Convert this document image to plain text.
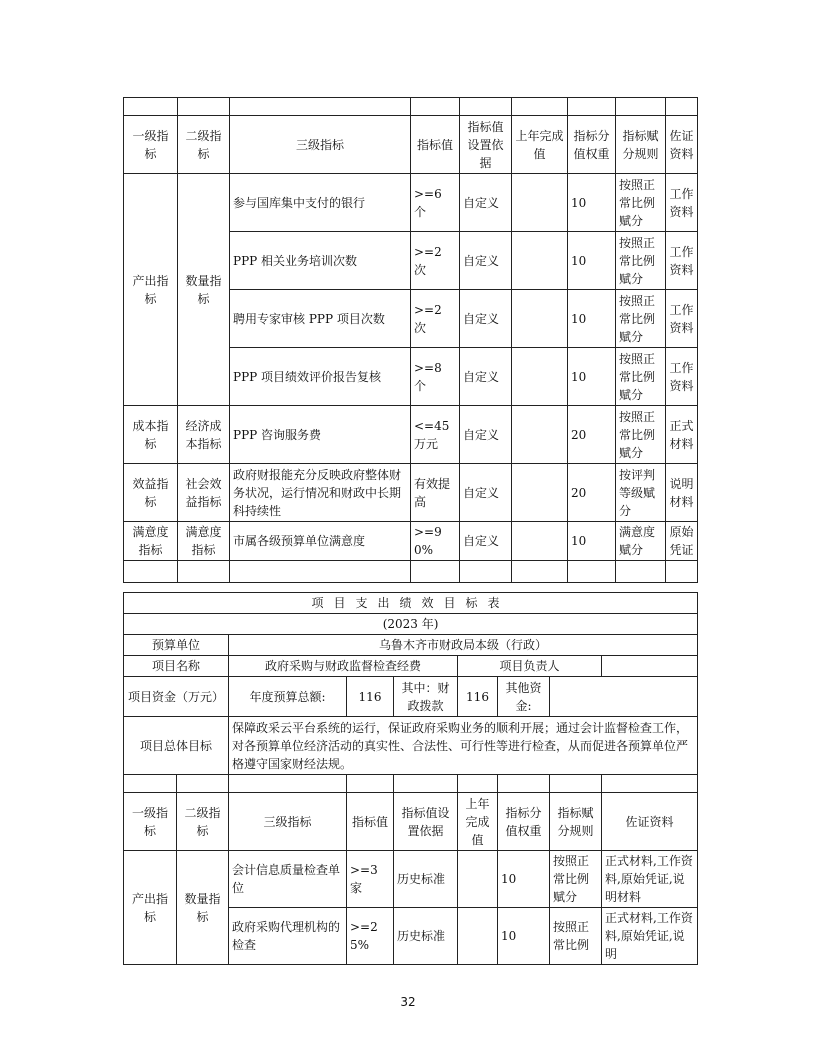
一级指标	二级指标	三级指标	指标值	指标值设置依据	上年完成值	指标分值权重	指标赋分规则	佐证资料
产出指标	数量指标	参与国库集中支付的银行	>=6 个	自定义		10	按照正常比例赋分	工作资料
		PPP 相关业务培训次数	>=2 次	自定义		10	按照正常比例赋分	工作资料
		聘用专家审核 PPP 项目次数	>=2 次	自定义		10	按照正常比例赋分	工作资料
		PPP 项目绩效评价报告复核	>=8 个	自定义		10	按照正常比例赋分	工作资料
成本指标	经济成本指标	PPP 咨询服务费	<=45 万元	自定义		20	按照正常比例赋分	正式材料
效益指标	社会效益指标	政府财报能充分反映政府整体财务状况，运行情况和财政中长期科持续性	有效提高	自定义		20	按评判等级赋分	说明材料
满意度指标	满意度指标	市属各级预算单位满意度	>=90%	自定义		10	满意度赋分	原始凭证

项目支出绩效目标表								
(2023 年)								
预算单位		乌鲁木齐市财政局本级（行政）						
项目名称		政府采购与财政监督检查经费			项目负责人			
项目资金（万元）		年度预算总额:	116	其中：财政拨款	116	其他资金:		
项目总体目标		保障政采云平台系统的运行，保证政府采购业务的顺利开展；通过会计监督检查工作，对各预算单位经济活动的真实性、合法性、可行性等进行检查，从而促进各预算单位严格遵守国家财经法规。						

一级指标	二级指标	三级指标	指标值	指标值设置依据	上年完成值	指标分值权重	指标赋分规则	佐证资料
产出指标	数量指标	会计信息质量检查单位	>=3 家	历史标准		10	按照正常比例赋分	正式材料,工作资料,原始凭证,说明材料
		政府采购代理机构的检查	>=25%	历史标准		10	按照正常比例	正式材料,工作资料,原始凭证,说明
32
